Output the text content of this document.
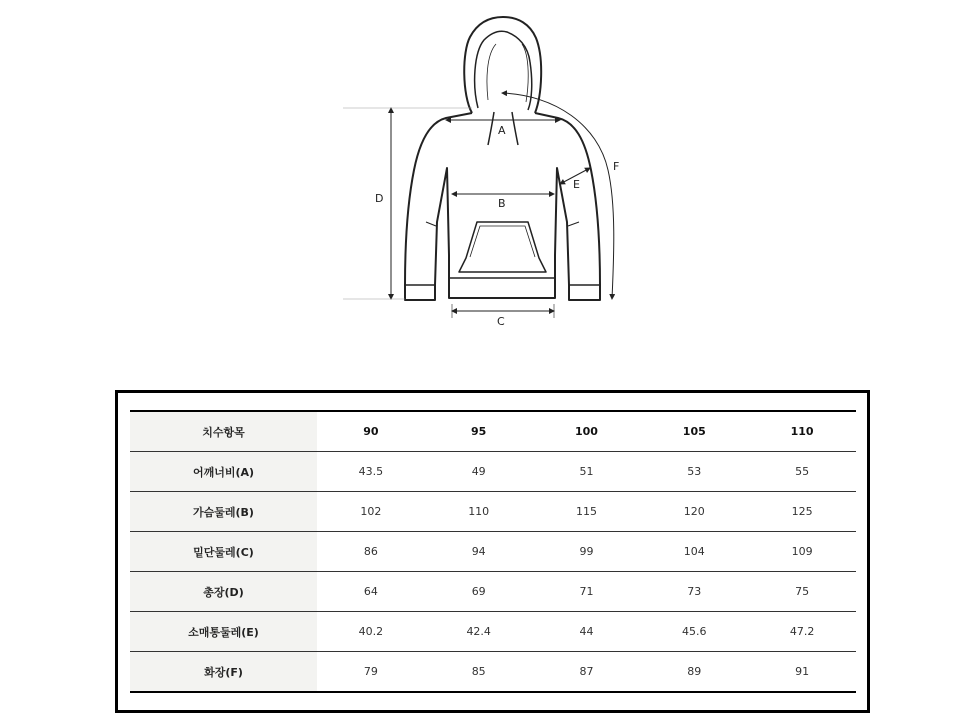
A
B
C
D
E
F
치수항목	90	95	100	105	110
어깨너비(A)	43.5	49	51	53	55
가슴둘레(B)	102	110	115	120	125
밑단둘레(C)	86	94	99	104	109
총장(D)	64	69	71	73	75
소매통둘레(E)	40.2	42.4	44	45.6	47.2
화장(F)	79	85	87	89	91
